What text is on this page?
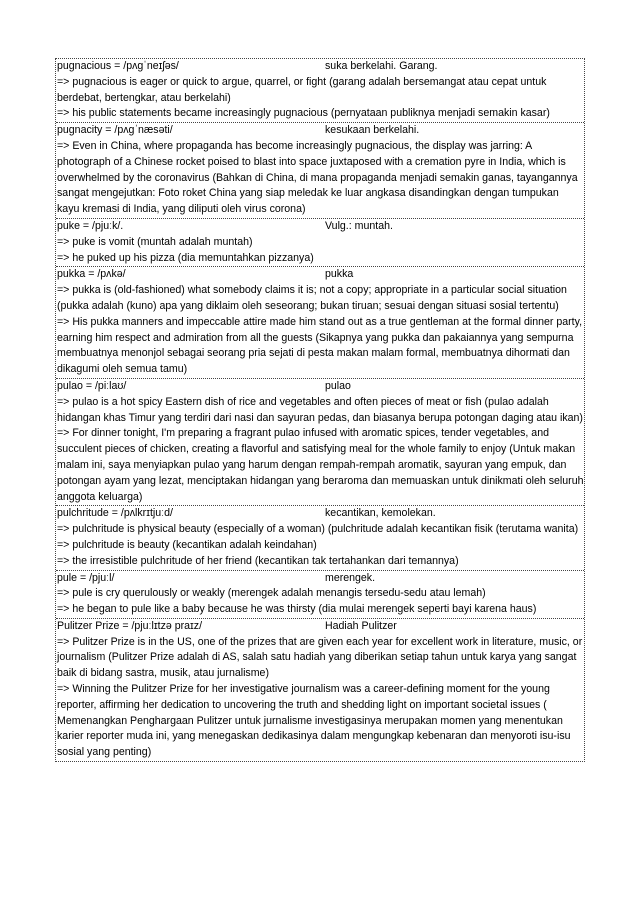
pugnacious = /pʌɡˈneɪʃəs/	suka berkelahi. Garang.
=> pugnacious is eager or quick to argue, quarrel, or fight (garang adalah bersemangat atau cepat untuk berdebat, bertengkar, atau berkelahi)
=> his public statements became increasingly pugnacious (pernyataan publiknya menjadi semakin kasar)
pugnacity = /pʌɡˈnæsəti/	kesukaan berkelahi.
=> Even in China, where propaganda has become increasingly pugnacious, the display was jarring: A photograph of a Chinese rocket poised to blast into space juxtaposed with a cremation pyre in India, which is overwhelmed by the coronavirus (Bahkan di China, di mana propaganda menjadi semakin ganas, tayangannya sangat mengejutkan: Foto roket China yang siap meledak ke luar angkasa disandingkan dengan tumpukan kayu kremasi di India, yang diliputi oleh virus corona)
puke = /pjuːk/.	Vulg.: muntah.
=> puke is vomit (muntah adalah muntah)
=> he puked up his pizza (dia memuntahkan pizzanya)
pukka = /pʌkə/	pukka
=> pukka is (old-fashioned) what somebody claims it is; not a copy; appropriate in a particular social situation (pukka adalah (kuno) apa yang diklaim oleh seseorang; bukan tiruan; sesuai dengan situasi sosial tertentu)
=> His pukka manners and impeccable attire made him stand out as a true gentleman at the formal dinner party, earning him respect and admiration from all the guests (Sikapnya yang pukka dan pakaiannya yang sempurna membuatnya menonjol sebagai seorang pria sejati di pesta makan malam formal, membuatnya dihormati dan dikagumi oleh semua tamu)
pulao = /piːlaʊ/	pulao
=> pulao is a hot spicy Eastern dish of rice and vegetables and often pieces of meat or fish (pulao adalah hidangan khas Timur yang terdiri dari nasi dan sayuran pedas, dan biasanya berupa potongan daging atau ikan)
=> For dinner tonight, I'm preparing a fragrant pulao infused with aromatic spices, tender vegetables, and succulent pieces of chicken, creating a flavorful and satisfying meal for the whole family to enjoy (Untuk makan malam ini, saya menyiapkan pulao yang harum dengan rempah-rempah aromatik, sayuran yang empuk, dan potongan ayam yang lezat, menciptakan hidangan yang beraroma dan memuaskan untuk dinikmati oleh seluruh anggota keluarga)
pulchritude = /pʌlkrɪtjuːd/	kecantikan, kemolekan.
=> pulchritude is physical beauty (especially of a woman) (pulchritude adalah kecantikan fisik (terutama wanita)
=> pulchritude is beauty (kecantikan adalah keindahan)
=> the irresistible pulchritude of her friend (kecantikan tak tertahankan dari temannya)
pule = /pjuːl/	merengek.
=> pule is cry querulously or weakly (merengek adalah menangis tersedu-sedu atau lemah)
=> he began to pule like a baby because he was thirsty (dia mulai merengek seperti bayi karena haus)
Pulitzer Prize = /pjuːlɪtzə praɪz/	Hadiah Pulitzer
=> Pulitzer Prize is in the US, one of the prizes that are given each year for excellent work in literature, music, or journalism (Pulitzer Prize adalah di AS, salah satu hadiah yang diberikan setiap tahun untuk karya yang sangat baik di bidang sastra, musik, atau jurnalisme)
=> Winning the Pulitzer Prize for her investigative journalism was a career-defining moment for the young reporter, affirming her dedication to uncovering the truth and shedding light on important societal issues ( Memenangkan Penghargaan Pulitzer untuk jurnalisme investigasinya merupakan momen yang menentukan karier reporter muda ini, yang menegaskan dedikasinya dalam mengungkap kebenaran dan menyoroti isu-isu sosial yang penting)
